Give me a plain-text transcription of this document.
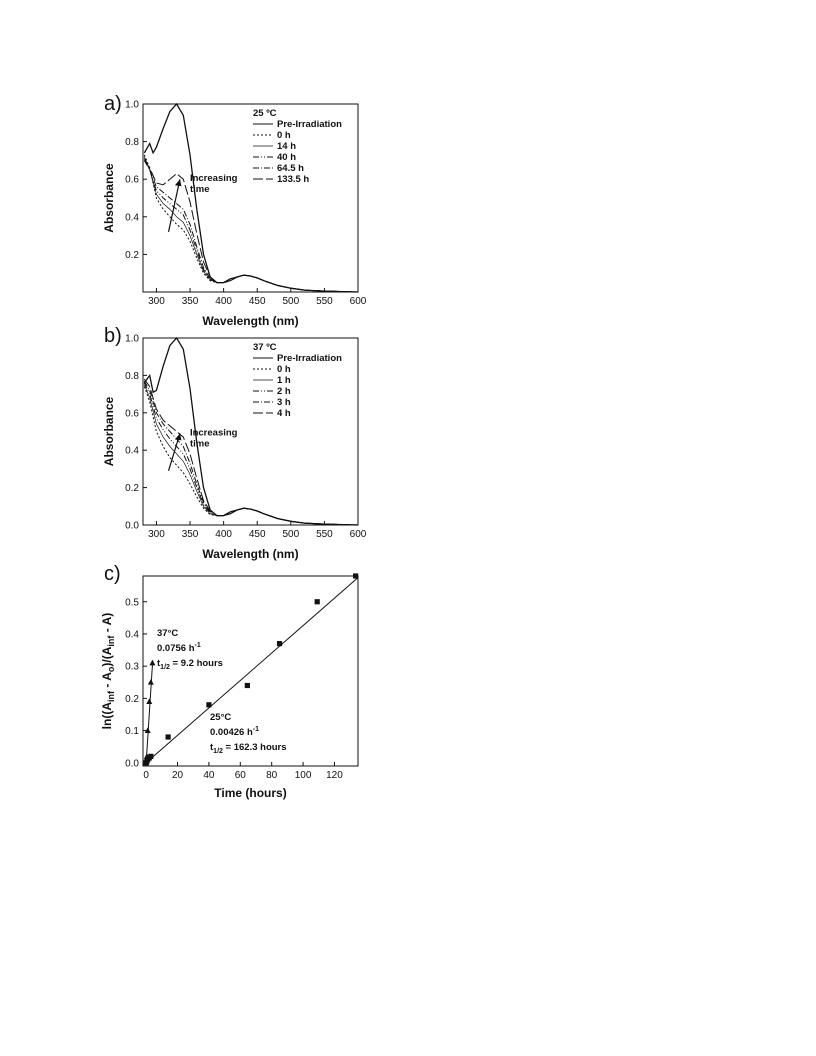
a)
300 350 400 450 500 550 600
0.2
0.4
0.6
0.8
1.0
Wavelength (nm)
Absorbance
25 ºC
Pre-Irradiation
0 h
14 h
40 h
64.5 h
133.5 h
Increasing
time
b)
300 350 400 450 500 550 600
0.0
0.2
0.4
0.6
0.8
1.0
Wavelength (nm)
Absorbance
37 ºC
Pre-Irradiation
0 h
1 h
2 h
3 h
4 h
Increasing
time
c)
0 20 40 60 80 100 120
0.0
0.1
0.2
0.3
0.4
0.5
Time (hours)
$\ln((A_{inf} - A_o)/(A_{inf} - A)$	37°C
0.0756 $h^{-1}$
$t_{1/2} = 9.2$ hours
25°C
0.00426 $h^{-1}$
$t_{1/2} = 162.3$ hours
